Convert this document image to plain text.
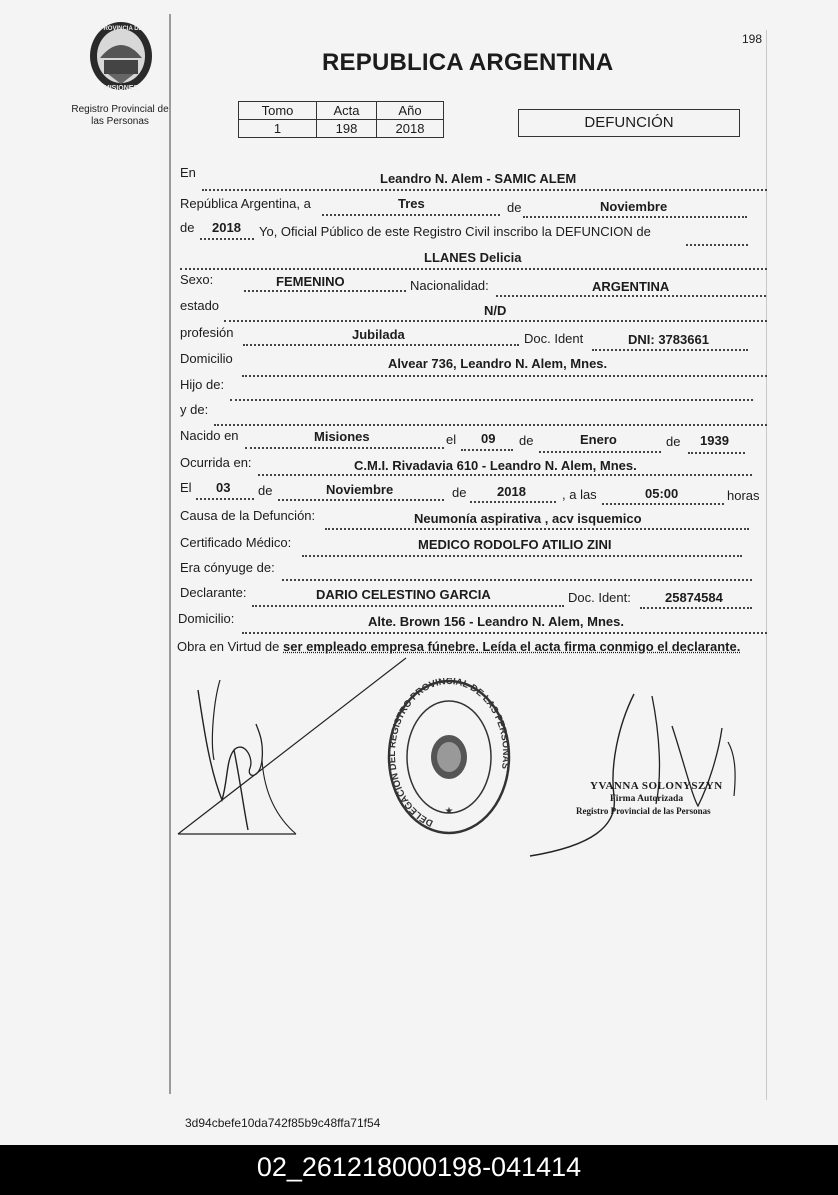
198
PROVINCIA DE
MISIONES
Registro Provincial de
las Personas
REPUBLICA ARGENTINA
Tomo	Acta	Año
1	198	2018	DEFUNCIÓN
En	Leandro N. Alem - SAMIC ALEM
República Argentina, a	Tres	de	Noviembre
de 2018 Yo, Oficial Público de este Registro Civil inscribo la DEFUNCION de
LLANES Delicia
Sexo:	FEMENINO	Nacionalidad:	ARGENTINA
estado	N/D
profesión	Jubilada	Doc. Ident	DNI: 3783661
Domicilio	Alvear 736, Leandro N. Alem, Mnes.
Hijo de:
y de:
Nacido en	Misiones	el 09 de	Enero	de 1939
Ocurrida en:	C.M.I. Rivadavia 610 - Leandro N. Alem, Mnes.
El 03 de	Noviembre	de 2018	, a las	05:00	horas
Causa de la Defunción:	Neumonía aspirativa , acv isquemico
Certificado Médico:	MEDICO RODOLFO ATILIO ZINI
Era cónyuge de:
Declarante:	DARIO CELESTINO GARCIA	Doc. Ident:	25874584
Domicilio:	Alte. Brown 156 - Leandro N. Alem, Mnes.
Obra en Virtud de ser empleado empresa fúnebre. Leída el acta firma conmigo el declarante.
DELEGACION DEL REGISTRO PROVINCIAL DE LAS PERSONAS
★
YVANNA SOLONYSZYN
Firma Autorizada
Registro Provincial de las Personas
3d94cbefe10da742f85b9c48ffa71f54
02_261218000198-041414
